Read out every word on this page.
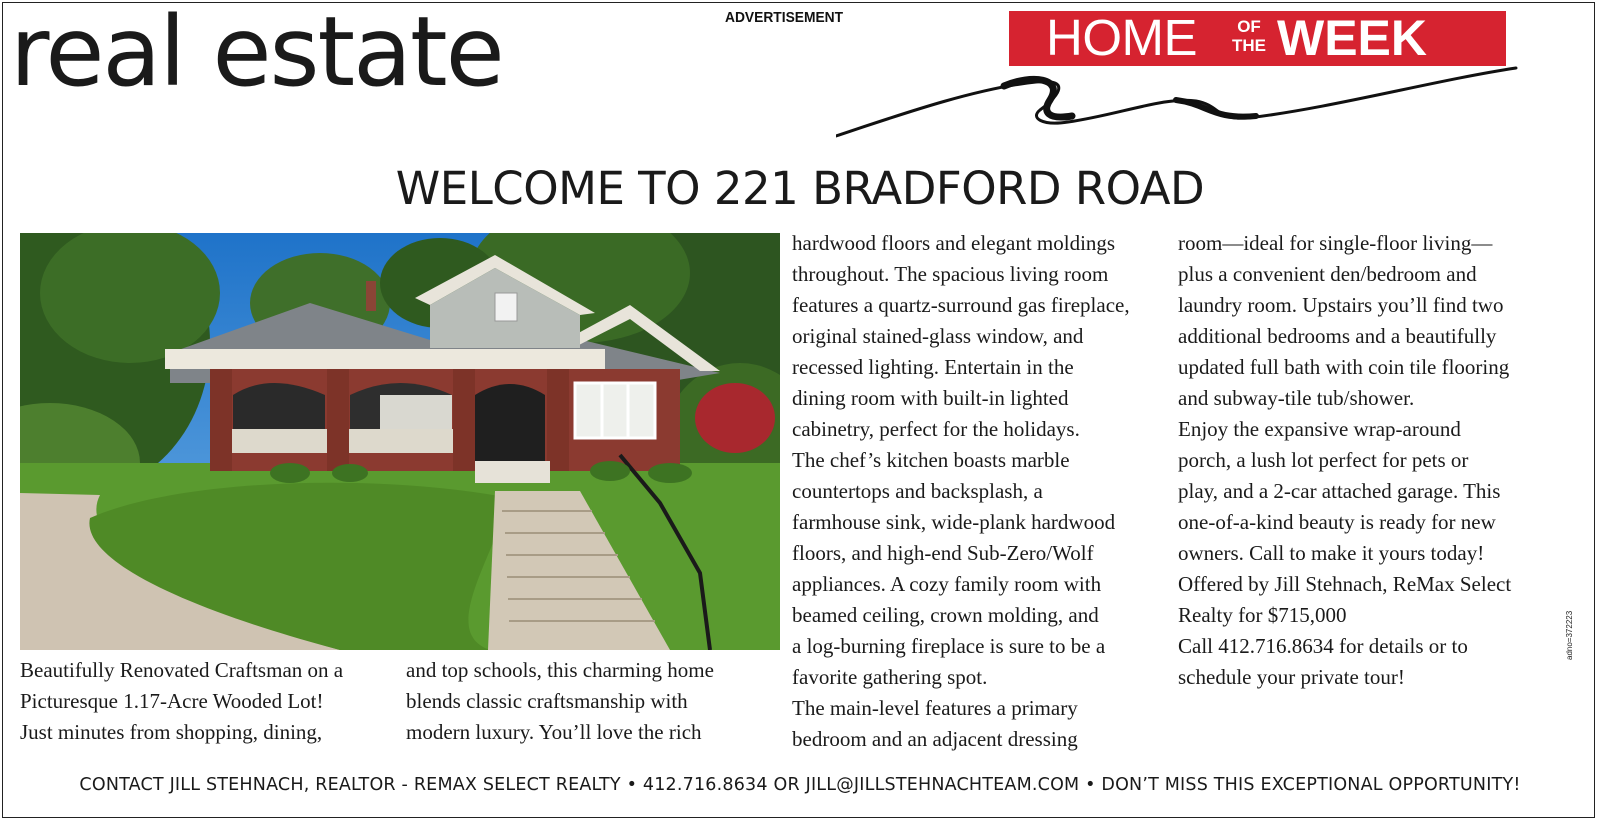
real estate	ADVERTISEMENT	HOME	OF
THE WEEK
WELCOME TO 221 BRADFORD ROAD

Beautifully Renovated Craftsman on a
Picturesque 1.17-Acre Wooded Lot!
Just minutes from shopping, dining,

and top schools, this charming home
blends classic craftsmanship with
modern luxury. You’ll love the rich

hardwood floors and elegant moldings
throughout. The spacious living room
features a quartz-surround gas fireplace,
original stained-glass window, and
recessed lighting. Entertain in the
dining room with built-in lighted
cabinetry, perfect for the holidays.
The chef’s kitchen boasts marble
countertops and backsplash, a
farmhouse sink, wide-plank hardwood
floors, and high-end Sub-Zero/Wolf
appliances. A cozy family room with
beamed ceiling, crown molding, and
a log-burning fireplace is sure to be a
favorite gathering spot.
The main-level features a primary
bedroom and an adjacent dressing

room—ideal for single-floor living—
plus a convenient den/bedroom and
laundry room. Upstairs you’ll find two
additional bedrooms and a beautifully
updated full bath with coin tile flooring
and subway-tile tub/shower.
Enjoy the expansive wrap-around
porch, a lush lot perfect for pets or
play, and a 2-car attached garage. This
one-of-a-kind beauty is ready for new
owners. Call to make it yours today!
Offered by Jill Stehnach, ReMax Select
Realty for $715,000
Call 412.716.8634 for details or to
schedule your private tour!

adno=372223
CONTACT JILL STEHNACH, REALTOR - REMAX SELECT REALTY • 412.716.8634 OR JILL@JILLSTEHNACHTEAM.COM • DON’T MISS THIS EXCEPTIONAL OPPORTUNITY!
